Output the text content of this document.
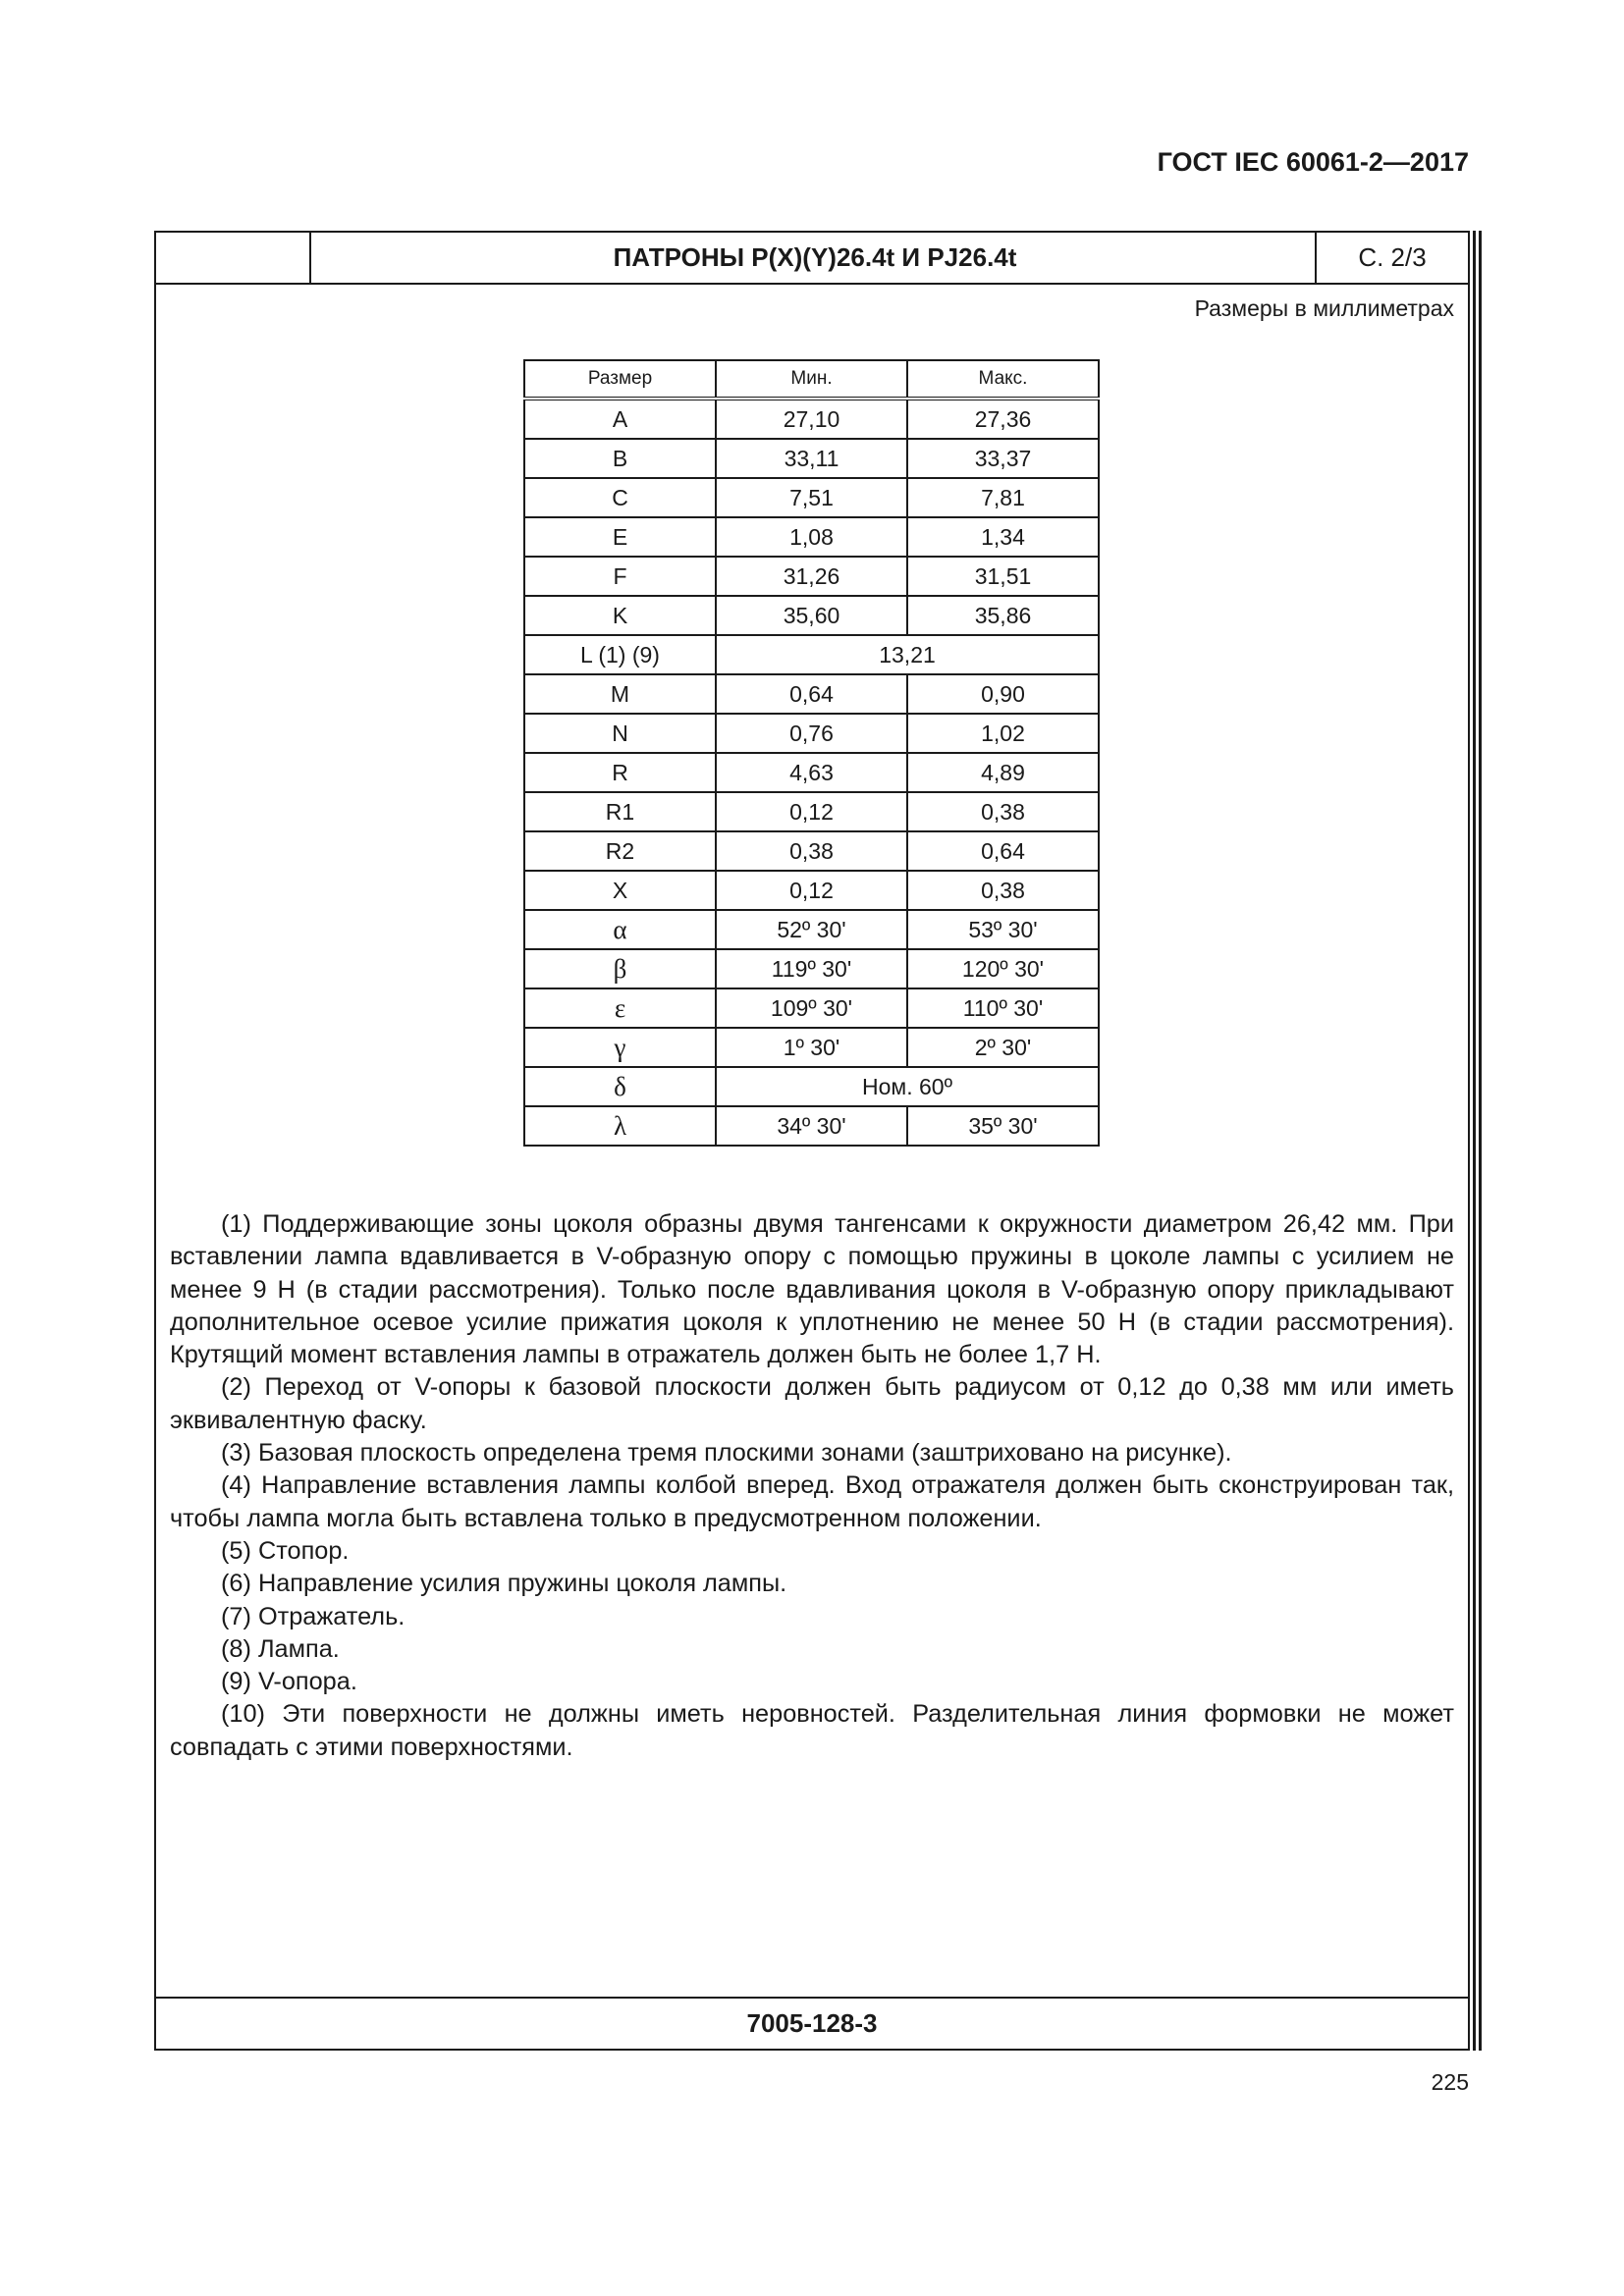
ГОСТ IEC 60061-2—2017
ПАТРОНЫ P(X)(Y)26.4t И PJ26.4t	С. 2/3
Размеры в миллиметрах
Размер	Мин.	Макс.
A	27,10	27,36
B	33,11	33,37
C	7,51	7,81
E	1,08	1,34
F	31,26	31,51
K	35,60	35,86
L (1) (9)	13,21	
M	0,64	0,90
N	0,76	1,02
R	4,63	4,89
R1	0,12	0,38
R2	0,38	0,64
X	0,12	0,38
α	52º 30'	53º 30'
β	119º 30'	120º 30'
ε	109º 30'	110º 30'
γ	1º 30'	2º 30'
δ	Ном. 60º	
λ	34º 30'	35º 30'

(1) Поддерживающие зоны цоколя образны двумя тангенсами к окружности диаметром 26,42 мм. При вставлении лампа вдавливается в V-образную опору с помощью пружины в цоколе лампы с усилием не менее 9 Н (в стадии рассмотрения). Только после вдавливания цоколя в V-образную опору прикладывают дополнительное осевое усилие прижатия цоколя к уплотнению не менее 50 Н (в стадии рассмотрения). Крутящий момент вставления лампы в отражатель должен быть не более 1,7 Н.

(2) Переход от V-опоры к базовой плоскости должен быть радиусом от 0,12 до 0,38 мм или иметь эквивалентную фаску.

(3) Базовая плоскость определена тремя плоскими зонами (заштриховано на рисунке).

(4) Направление вставления лампы колбой вперед. Вход отражателя должен быть сконструирован так, чтобы лампа могла быть вставлена только в предусмотренном положении.

(5) Стопор.

(6) Направление усилия пружины цоколя лампы.

(7) Отражатель.

(8) Лампа.

(9) V-опора.

(10) Эти поверхности не должны иметь неровностей. Разделительная линия формовки не может совпадать с этими поверхностями.

7005-128-3
225
